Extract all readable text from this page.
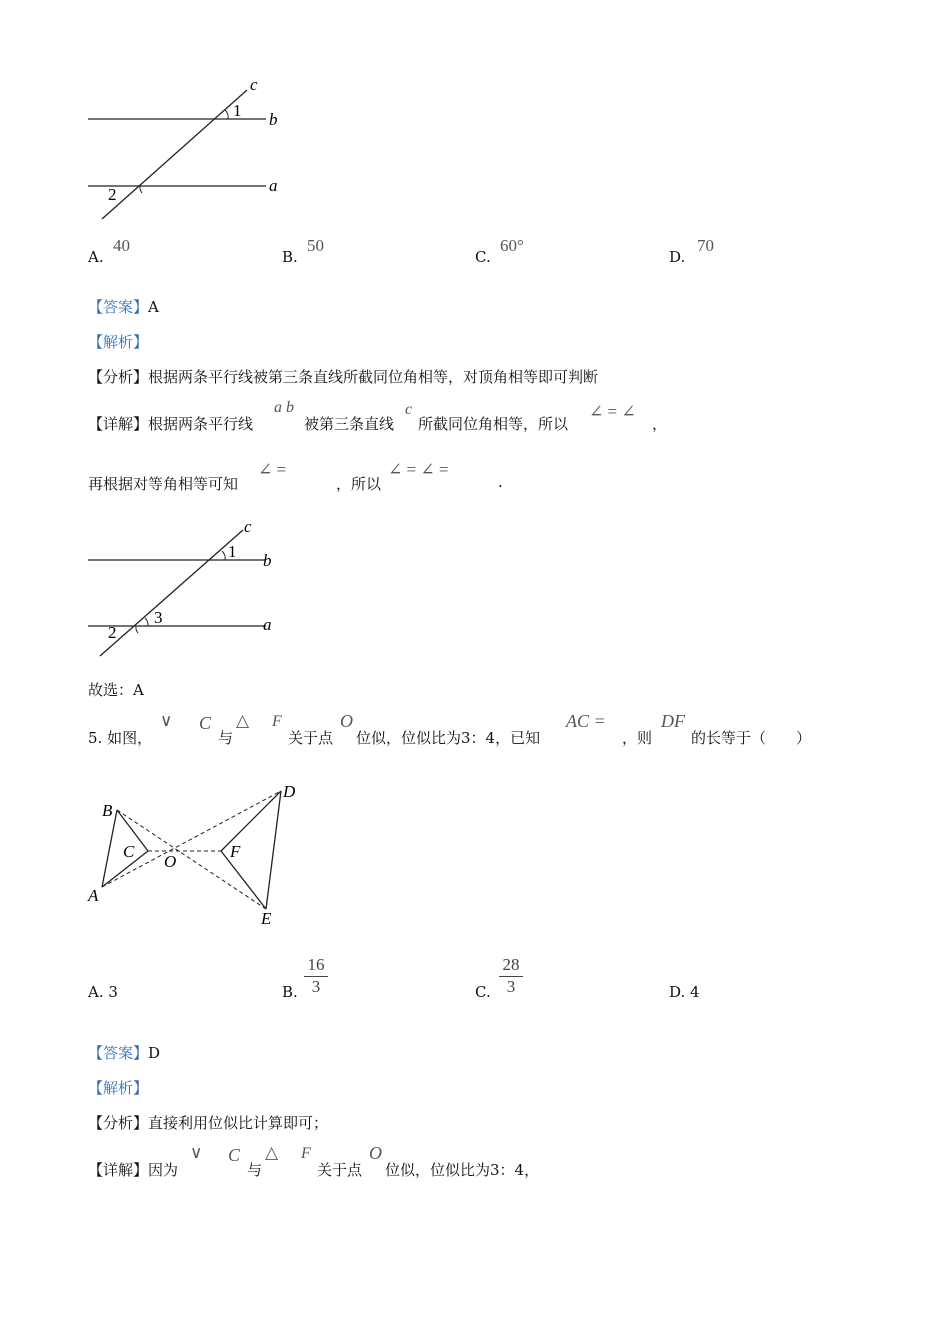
c
b
a
1
2
A.
40
B.
50
C.
60°
D.
70
【答案】A
【解析】
【分析】根据两条平行线被第三条直线所截同位角相等，对顶角相等即可判断
【详解】根据两条平行线
a b
被第三条直线
c
所截同位角相等，所以
∠ = ∠
，
再根据对等角相等可知
∠ =
，所以
∠ = ∠ =
.
c
b
a
1
2
3
故选：A
5. 如图，
∨ C
与
△ F
关于点
O
位似，位似比为3：4，已知
AC =
，则
DF
的长等于（　　）
B
C
A
O
F
D
E
A. 3	B.
16
3	C.
28
3	D. 4
【答案】D
【解析】
【分析】直接利用位似比计算即可；
【详解】因为
∨ C
与
△ F
关于点
O
位似，位似比为3：4，
